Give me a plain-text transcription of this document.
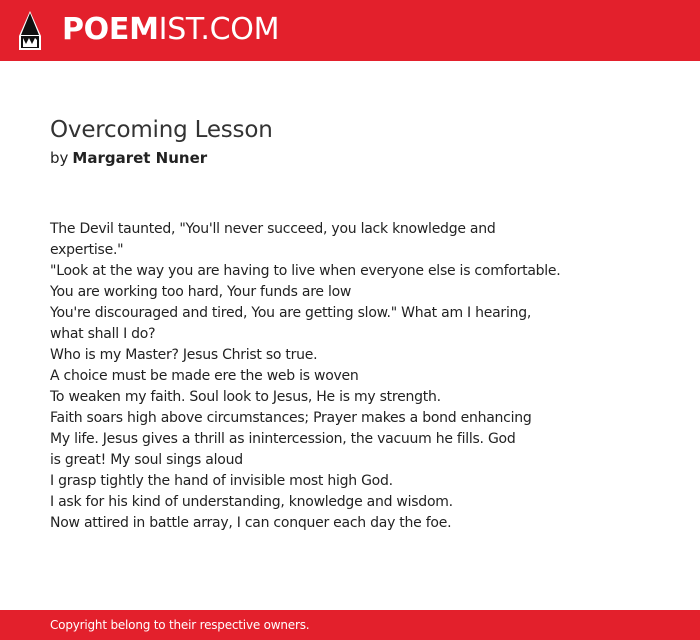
POEMIST.COM
Overcoming Lesson
by Margaret Nuner
The Devil taunted, "You'll never succeed, you lack knowledge and
expertise."
"Look at the way you are having to live when everyone else is comfortable.
You are working too hard, Your funds are low
You're discouraged and tired, You are getting slow." What am I hearing,
what shall I do?
Who is my Master? Jesus Christ so true.
A choice must be made ere the web is woven
To weaken my faith. Soul look to Jesus, He is my strength.
Faith soars high above circumstances; Prayer makes a bond enhancing
My life. Jesus gives a thrill as inintercession, the vacuum he fills. God
is great! My soul sings aloud
I grasp tightly the hand of invisible most high God.
I ask for his kind of understanding, knowledge and wisdom.
Now attired in battle array, I can conquer each day the foe.
Copyright belong to their respective owners.
